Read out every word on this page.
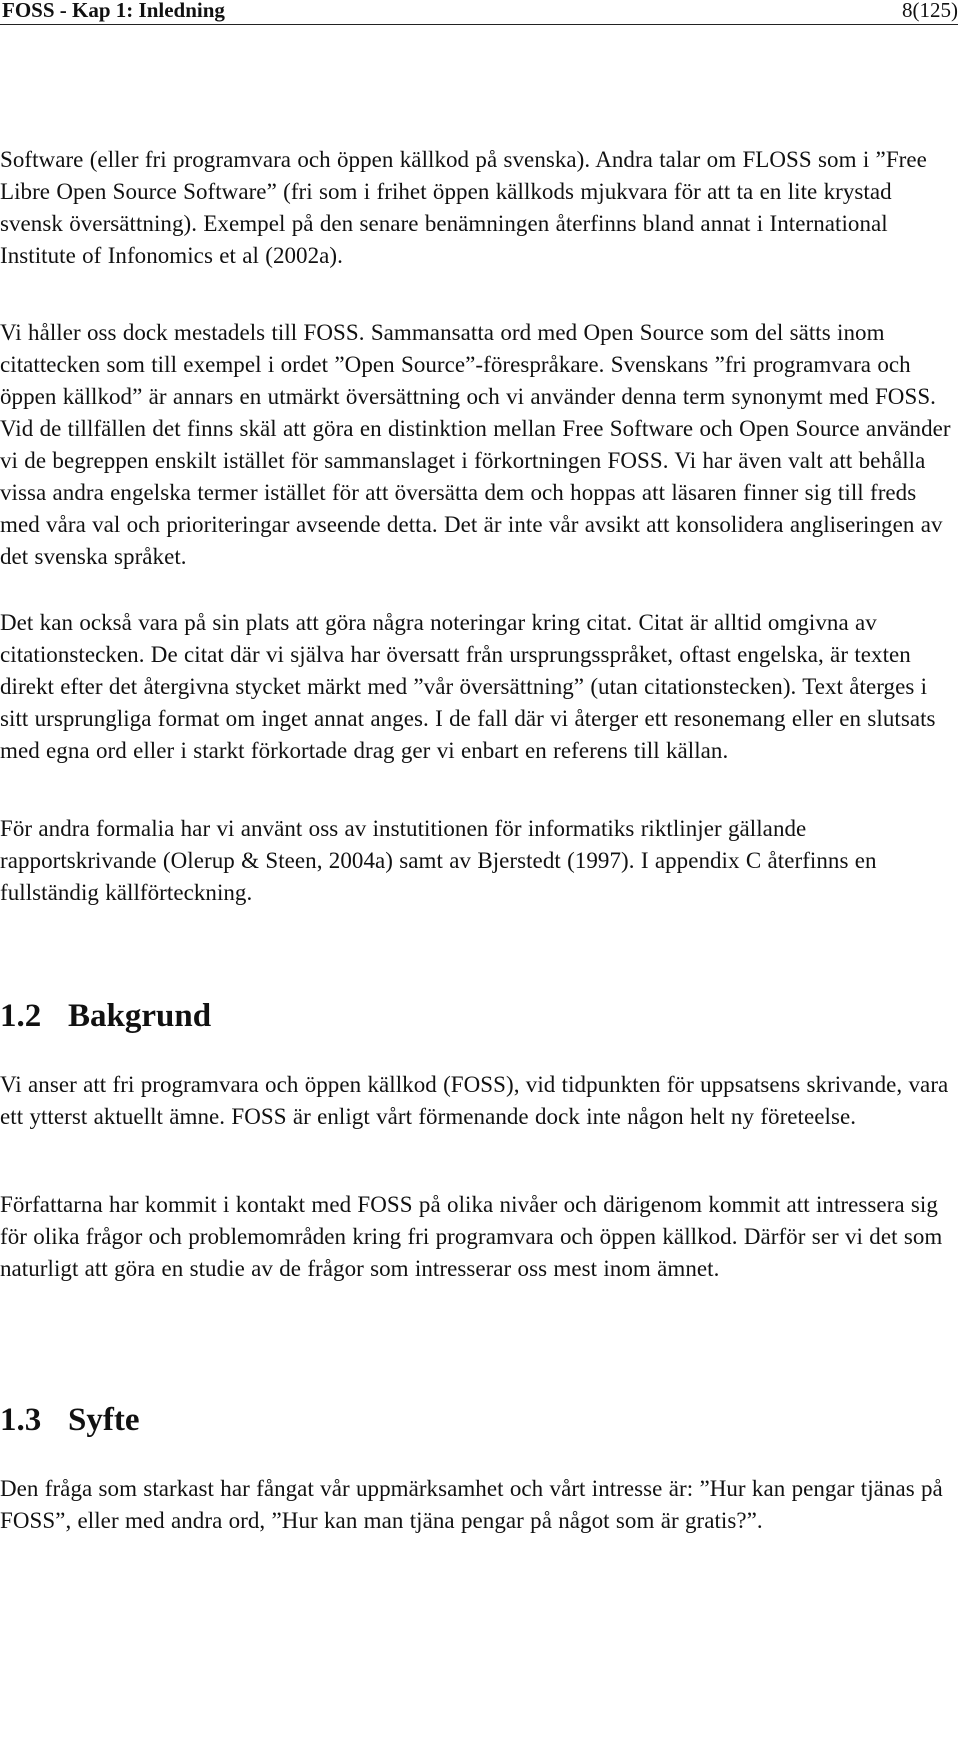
FOSS - Kap 1: Inledning	8(125)

Software (eller fri programvara och öppen källkod på svenska). Andra talar om FLOSS som i ”Free Libre Open Source Software” (fri som i frihet öppen källkods mjukvara för att ta en lite krystad svensk översättning). Exempel på den senare benämningen återfinns bland annat i International Institute of Infonomics et al (2002a).

Vi håller oss dock mestadels till FOSS. Sammansatta ord med Open Source som del sätts inom citattecken som till exempel i ordet ”Open Source”-förespråkare. Svenskans ”fri programvara och öppen källkod” är annars en utmärkt översättning och vi använder denna term synonymt med FOSS. Vid de tillfällen det finns skäl att göra en distinktion mellan Free Software och Open Source använder vi de begreppen enskilt istället för sammanslaget i förkortningen FOSS. Vi har även valt att behålla vissa andra engelska termer istället för att översätta dem och hoppas att läsaren finner sig till freds med våra val och prioriteringar avseende detta. Det är inte vår avsikt att konsolidera angliseringen av det svenska språket.

Det kan också vara på sin plats att göra några noteringar kring citat. Citat är alltid omgivna av citationstecken. De citat där vi själva har översatt från ursprungsspråket, oftast engelska, är texten direkt efter det återgivna stycket märkt med ”vår översättning” (utan citationstecken). Text återges i sitt ursprungliga format om inget annat anges. I de fall där vi återger ett resonemang eller en slutsats med egna ord eller i starkt förkortade drag ger vi enbart en referens till källan.

För andra formalia har vi använt oss av instutitionen för informatiks riktlinjer gällande rapportskrivande (Olerup & Steen, 2004a) samt av Bjerstedt (1997). I appendix C återfinns en fullständig källförteckning.

1.2 Bakgrund

Vi anser att fri programvara och öppen källkod (FOSS), vid tidpunkten för uppsatsens skrivande, vara ett ytterst aktuellt ämne. FOSS är enligt vårt förmenande dock inte någon helt ny företeelse.

Författarna har kommit i kontakt med FOSS på olika nivåer och därigenom kommit att intressera sig för olika frågor och problemområden kring fri programvara och öppen källkod. Därför ser vi det som naturligt att göra en studie av de frågor som intresserar oss mest inom ämnet.

1.3 Syfte

Den fråga som starkast har fångat vår uppmärksamhet och vårt intresse är: ”Hur kan pengar tjänas på FOSS”, eller med andra ord, ”Hur kan man tjäna pengar på något som är gratis?”.
